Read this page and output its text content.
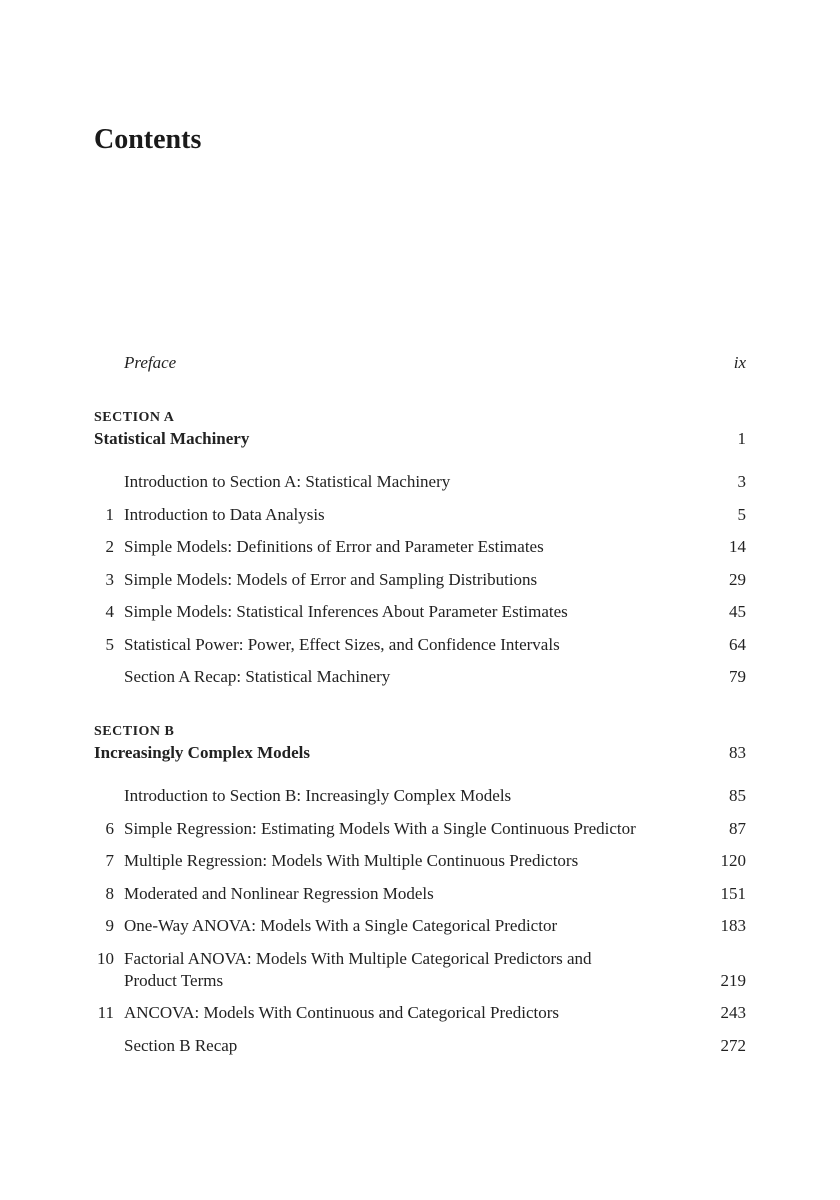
Contents
Preface	ix
SECTION A
Statistical Machinery	1
Introduction to Section A: Statistical Machinery	3
1 Introduction to Data Analysis	5
2 Simple Models: Definitions of Error and Parameter Estimates	14
3 Simple Models: Models of Error and Sampling Distributions	29
4 Simple Models: Statistical Inferences About Parameter Estimates	45
5 Statistical Power: Power, Effect Sizes, and Confidence Intervals	64
Section A Recap: Statistical Machinery	79
SECTION B
Increasingly Complex Models	83
Introduction to Section B: Increasingly Complex Models	85
6 Simple Regression: Estimating Models With a Single Continuous Predictor	87
7 Multiple Regression: Models With Multiple Continuous Predictors	120
8 Moderated and Nonlinear Regression Models	151
9 One-Way ANOVA: Models With a Single Categorical Predictor	183
10 Factorial ANOVA: Models With Multiple Categorical Predictors and
Product Terms	219
11 ANCOVA: Models With Continuous and Categorical Predictors	243
Section B Recap	272
